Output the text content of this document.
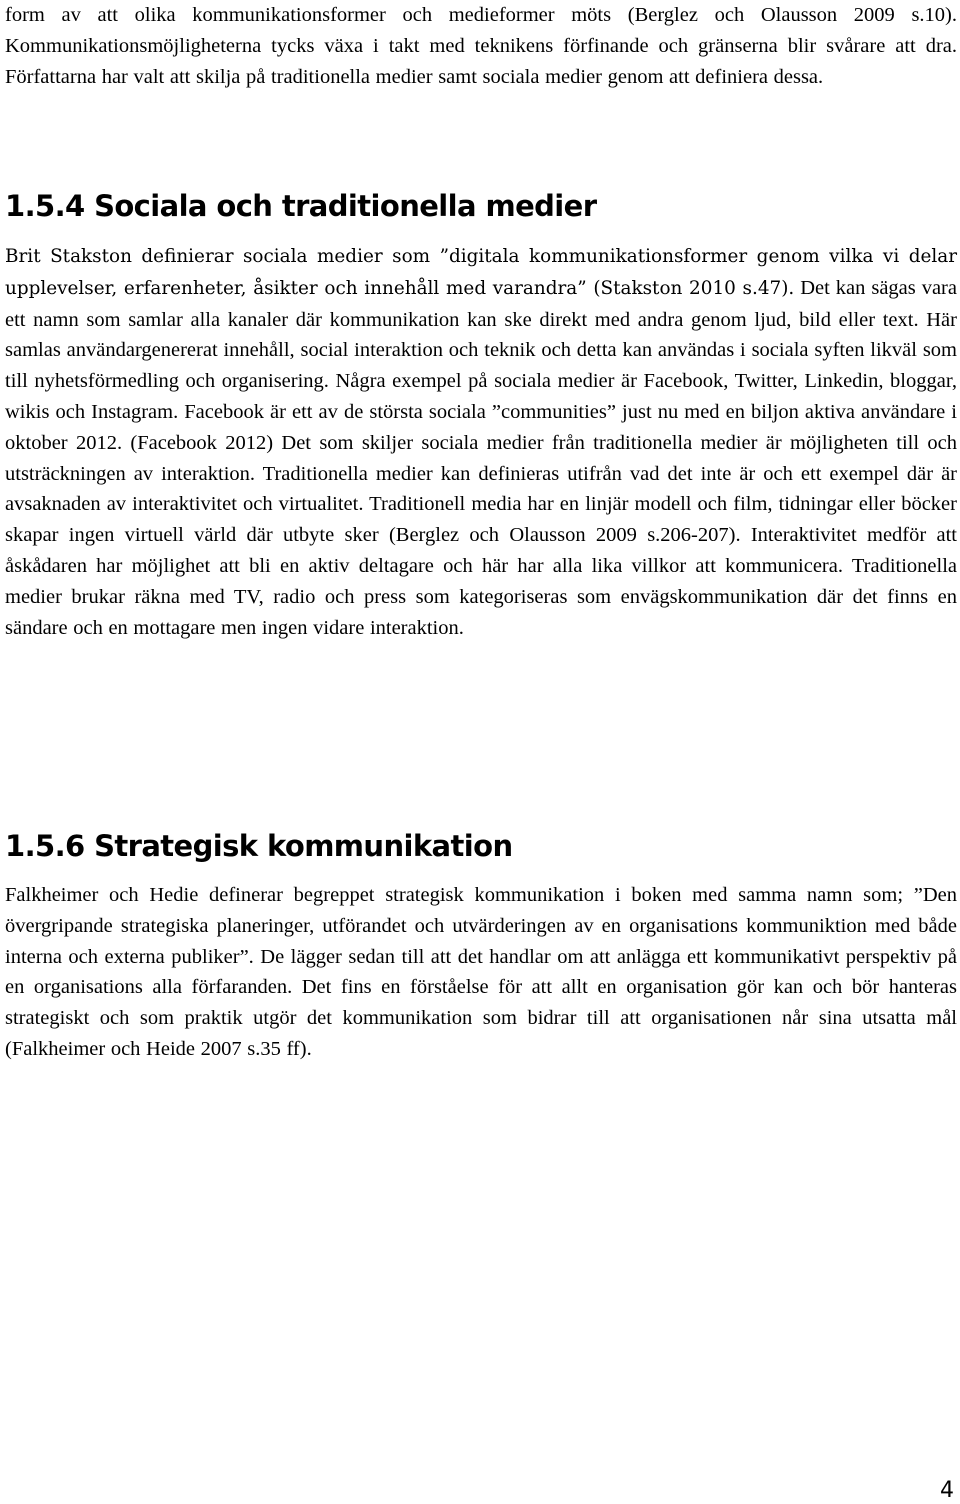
form av att olika kommunikationsformer och medieformer möts (Berglez och Olausson 2009 s.10). Kommunikationsmöjligheterna tycks växa i takt med teknikens förfinande och gränserna blir svårare att dra. Författarna har valt att skilja på traditionella medier samt sociala medier genom att definiera dessa.

1.5.4 Sociala och traditionella medier

Brit Stakston definierar sociala medier som ”digitala kommunikationsformer genom vilka vi delar upplevelser, erfarenheter, åsikter och innehåll med varandra” (Stakston 2010 s.47). Det kan sägas vara ett namn som samlar alla kanaler där kommunikation kan ske direkt med andra genom ljud, bild eller text. Här samlas användargenererat innehåll, social interaktion och teknik och detta kan användas i sociala syften likväl som till nyhetsförmedling och organisering. Några exempel på sociala medier är Facebook, Twitter, Linkedin, bloggar, wikis och Instagram. Facebook är ett av de största sociala ”communities” just nu med en biljon aktiva användare i oktober 2012. (Facebook 2012) Det som skiljer sociala medier från traditionella medier är möjligheten till och utsträckningen av interaktion. Traditionella medier kan definieras utifrån vad det inte är och ett exempel där är avsaknaden av interaktivitet och virtualitet. Traditionell media har en linjär modell och film, tidningar eller böcker skapar ingen virtuell värld där utbyte sker (Berglez och Olausson 2009 s.206-207). Interaktivitet medför att åskådaren har möjlighet att bli en aktiv deltagare och här har alla lika villkor att kommunicera. Traditionella medier brukar räkna med TV, radio och press som kategoriseras som envägskommunikation där det finns en sändare och en mottagare men ingen vidare interaktion.

1.5.6 Strategisk kommunikation

Falkheimer och Hedie definerar begreppet strategisk kommunikation i boken med samma namn som; ”Den övergripande strategiska planeringer, utförandet och utvärderingen av en organisations kommuniktion med både interna och externa publiker”. De lägger sedan till att det handlar om att anlägga ett kommunikativt perspektiv på en organisations alla förfaranden. Det fins en förståelse för att allt en organisation gör kan och bör hanteras strategiskt och som praktik utgör det kommunikation som bidrar till att organisationen når sina utsatta mål (Falkheimer och Heide 2007 s.35 ff).

4
